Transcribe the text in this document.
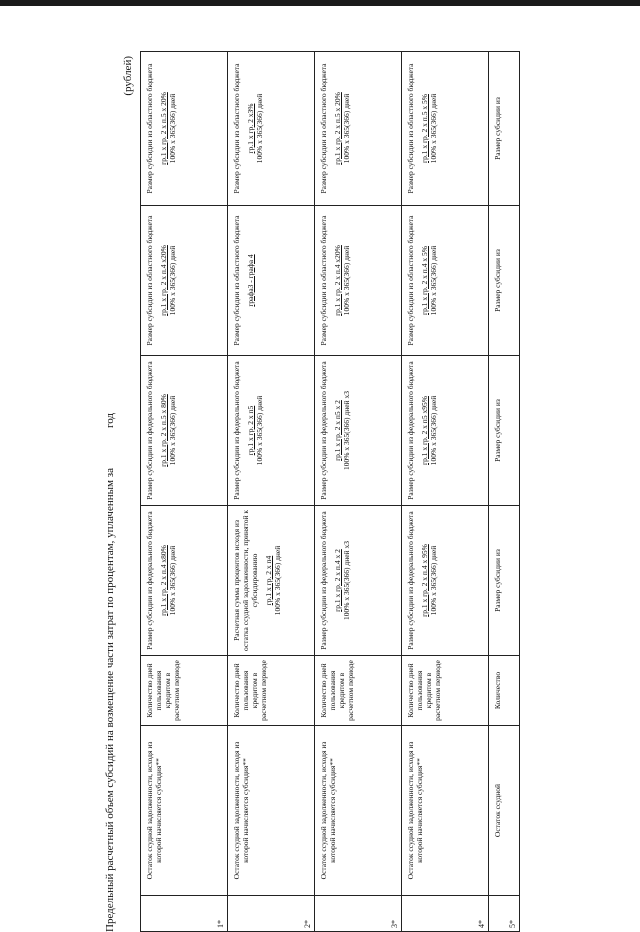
Предельный расчетный объем субсидий на возмещение части затрат по процентам, уплаченным загод
(рублей)
1*	Остаток ссудной задолженности, исходя из которой начисляется субсидия**	Количество дней пользования кредитом в расчетном периоде	Размер субсидии из федерального бюджета гр.1 х гр. 2 х п.4 х80% 100% х 365(366) дней	Размер субсидии из федерального бюджета гр.1 х гр. 2 х п.5 х 80% 100% х 365(366) дней	Размер субсидии из областного бюджета гр.1 х гр. 2 х п.4 х20% 100% х 365(366) дней	Размер субсидии из областного бюджета гр.1 х гр. 2 х п.5 х 20% 100% х 365(366) дней

2*	Остаток ссудной задолженности, исходя из которой начисляется субсидия**	Количество дней пользования кредитом в расчетном периоде	Расчетная сумма процентов исходя из остатка ссудной задолженности, принятой к субсидированию гр.1 х гр. 2 х п4 100% х 365(366) дней	Размер субсидии из федерального бюджета гр.1 х гр. 2 х п5 100% х 365(366) дней	Размер субсидии из областного бюджета графа3 - графа 4	Размер субсидии из областного бюджета гр.1 х гр. 2 х3% 100% х 365(366) дней

3*	Остаток ссудной задолженности, исходя из которой начисляется субсидия**	Количество дней пользования кредитом в расчетном периоде	Размер субсидии из федерального бюджета гр.1 х гр. 2 х п.4 х 2 100% х 365(366) дней х3	Размер субсидии из федерального бюджета гр.1 х гр. 2 х п5 х 2 100% х 365(366) дней х3	Размер субсидии из областного бюджета гр.1 х гр. 2 х п.4 х20% 100% х 365(366) дней	Размер субсидии из областного бюджета гр.1 х гр. 2 х п.5 х 20% 100% х 365(366) дней

4*	Остаток ссудной задолженности, исходя из которой начисляется субсидия**	Количество дней пользования кредитом в расчетном периоде	Размер субсидии из федерального бюджета гр.1 х гр. 2 х п.4 х 95% 100% х 365(366) дней	Размер субсидии из федерального бюджета гр.1 х гр. 2 х п5 х95% 100% х 365(366) дней	Размер субсидии из областного бюджета гр.1 х гр. 2 х п.4 х 5% 100% х 365(366) дней	Размер субсидии из областного бюджета гр.1 х гр. 2 х п.5 х 5% 100% х 365(366) дней

5*	Остаток ссудной	Количество	Размер субсидии из	Размер субсидии из	Размер субсидии из	Размер субсидии из
